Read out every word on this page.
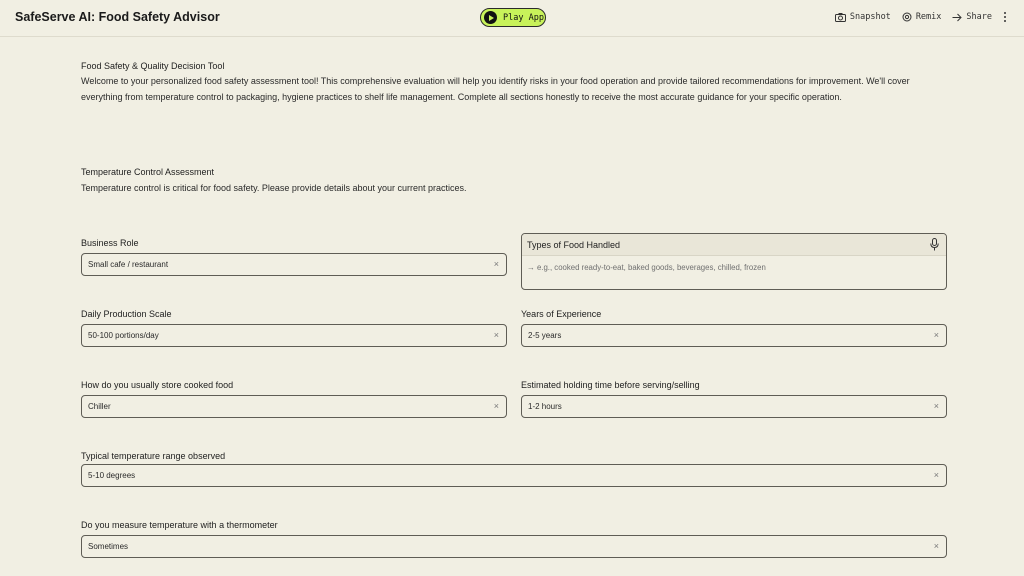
SafeServe AI: Food Safety Advisor	Play App	Snapshot	Remix	Share
Food Safety & Quality Decision Tool
Welcome to your personalized food safety assessment tool! This comprehensive evaluation will help you identify risks in your food operation and provide tailored recommendations for improvement. We'll cover everything from temperature control to packaging, hygiene practices to shelf life management. Complete all sections honestly to receive the most accurate guidance for your specific operation.
Temperature Control Assessment
Temperature control is critical for food safety. Please provide details about your current practices.
Business Role
Small cafe / restaurant	×
Types of Food Handled
→ e.g., cooked ready-to-eat, baked goods, beverages, chilled, frozen
Daily Production Scale
50-100 portions/day	×
Years of Experience
2-5 years	×
How do you usually store cooked food
Chiller	×
Estimated holding time before serving/selling
1-2 hours	×
Typical temperature range observed
5-10 degrees	×
Do you measure temperature with a thermometer
Sometimes	×
